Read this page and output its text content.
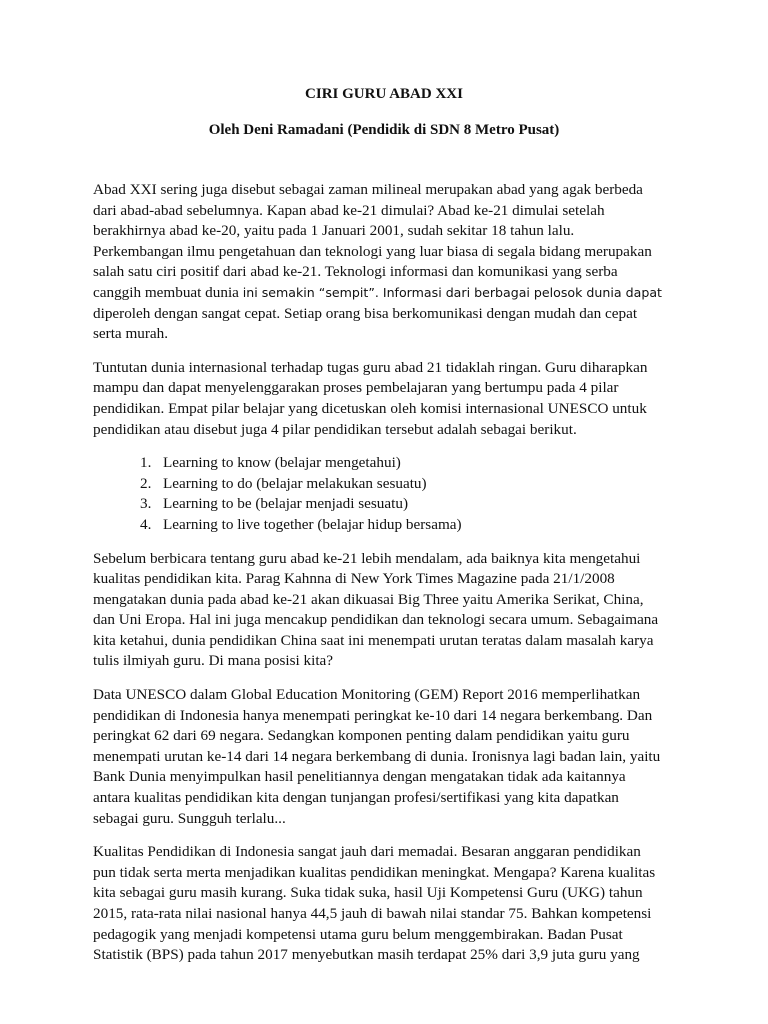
CIRI GURU ABAD XXI
Oleh Deni Ramadani (Pendidik di SDN 8 Metro Pusat)

Abad XXI sering juga disebut sebagai zaman milineal merupakan abad yang agak berbeda
dari abad-abad sebelumnya. Kapan abad ke-21 dimulai? Abad ke-21 dimulai setelah
berakhirnya abad ke-20, yaitu pada 1 Januari 2001, sudah sekitar 18 tahun lalu.
Perkembangan ilmu pengetahuan dan teknologi yang luar biasa di segala bidang merupakan
salah satu ciri positif dari abad ke-21. Teknologi informasi dan komunikasi yang serba
canggih membuat dunia ini semakin “sempit”. Informasi dari berbagai pelosok dunia dapat
diperoleh dengan sangat cepat. Setiap orang bisa berkomunikasi dengan mudah dan cepat
serta murah.

Tuntutan dunia internasional terhadap tugas guru abad 21 tidaklah ringan. Guru diharapkan
mampu dan dapat menyelenggarakan proses pembelajaran yang bertumpu pada 4 pilar
pendidikan. Empat pilar belajar yang dicetuskan oleh komisi internasional UNESCO untuk
pendidikan atau disebut juga 4 pilar pendidikan tersebut adalah sebagai berikut.

1. Learning to know (belajar mengetahui)
2. Learning to do (belajar melakukan sesuatu)
3. Learning to be (belajar menjadi sesuatu)
4. Learning to live together (belajar hidup bersama)

Sebelum berbicara tentang guru abad ke-21 lebih mendalam, ada baiknya kita mengetahui
kualitas pendidikan kita. Parag Kahnna di New York Times Magazine pada 21/1/2008
mengatakan dunia pada abad ke-21 akan dikuasai Big Three yaitu Amerika Serikat, China,
dan Uni Eropa. Hal ini juga mencakup pendidikan dan teknologi secara umum. Sebagaimana
kita ketahui, dunia pendidikan China saat ini menempati urutan teratas dalam masalah karya
tulis ilmiyah guru. Di mana posisi kita?

Data UNESCO dalam Global Education Monitoring (GEM) Report 2016 memperlihatkan
pendidikan di Indonesia hanya menempati peringkat ke-10 dari 14 negara berkembang. Dan
peringkat 62 dari 69 negara. Sedangkan komponen penting dalam pendidikan yaitu guru
menempati urutan ke-14 dari 14 negara berkembang di dunia. Ironisnya lagi badan lain, yaitu
Bank Dunia menyimpulkan hasil penelitiannya dengan mengatakan tidak ada kaitannya
antara kualitas pendidikan kita dengan tunjangan profesi/sertifikasi yang kita dapatkan
sebagai guru. Sungguh terlalu...

Kualitas Pendidikan di Indonesia sangat jauh dari memadai. Besaran anggaran pendidikan
pun tidak serta merta menjadikan kualitas pendidikan meningkat. Mengapa? Karena kualitas
kita sebagai guru masih kurang. Suka tidak suka, hasil Uji Kompetensi Guru (UKG) tahun
2015, rata-rata nilai nasional hanya 44,5 jauh di bawah nilai standar 75. Bahkan kompetensi
pedagogik yang menjadi kompetensi utama guru belum menggembirakan. Badan Pusat
Statistik (BPS) pada tahun 2017 menyebutkan masih terdapat 25% dari 3,9 juta guru yang
